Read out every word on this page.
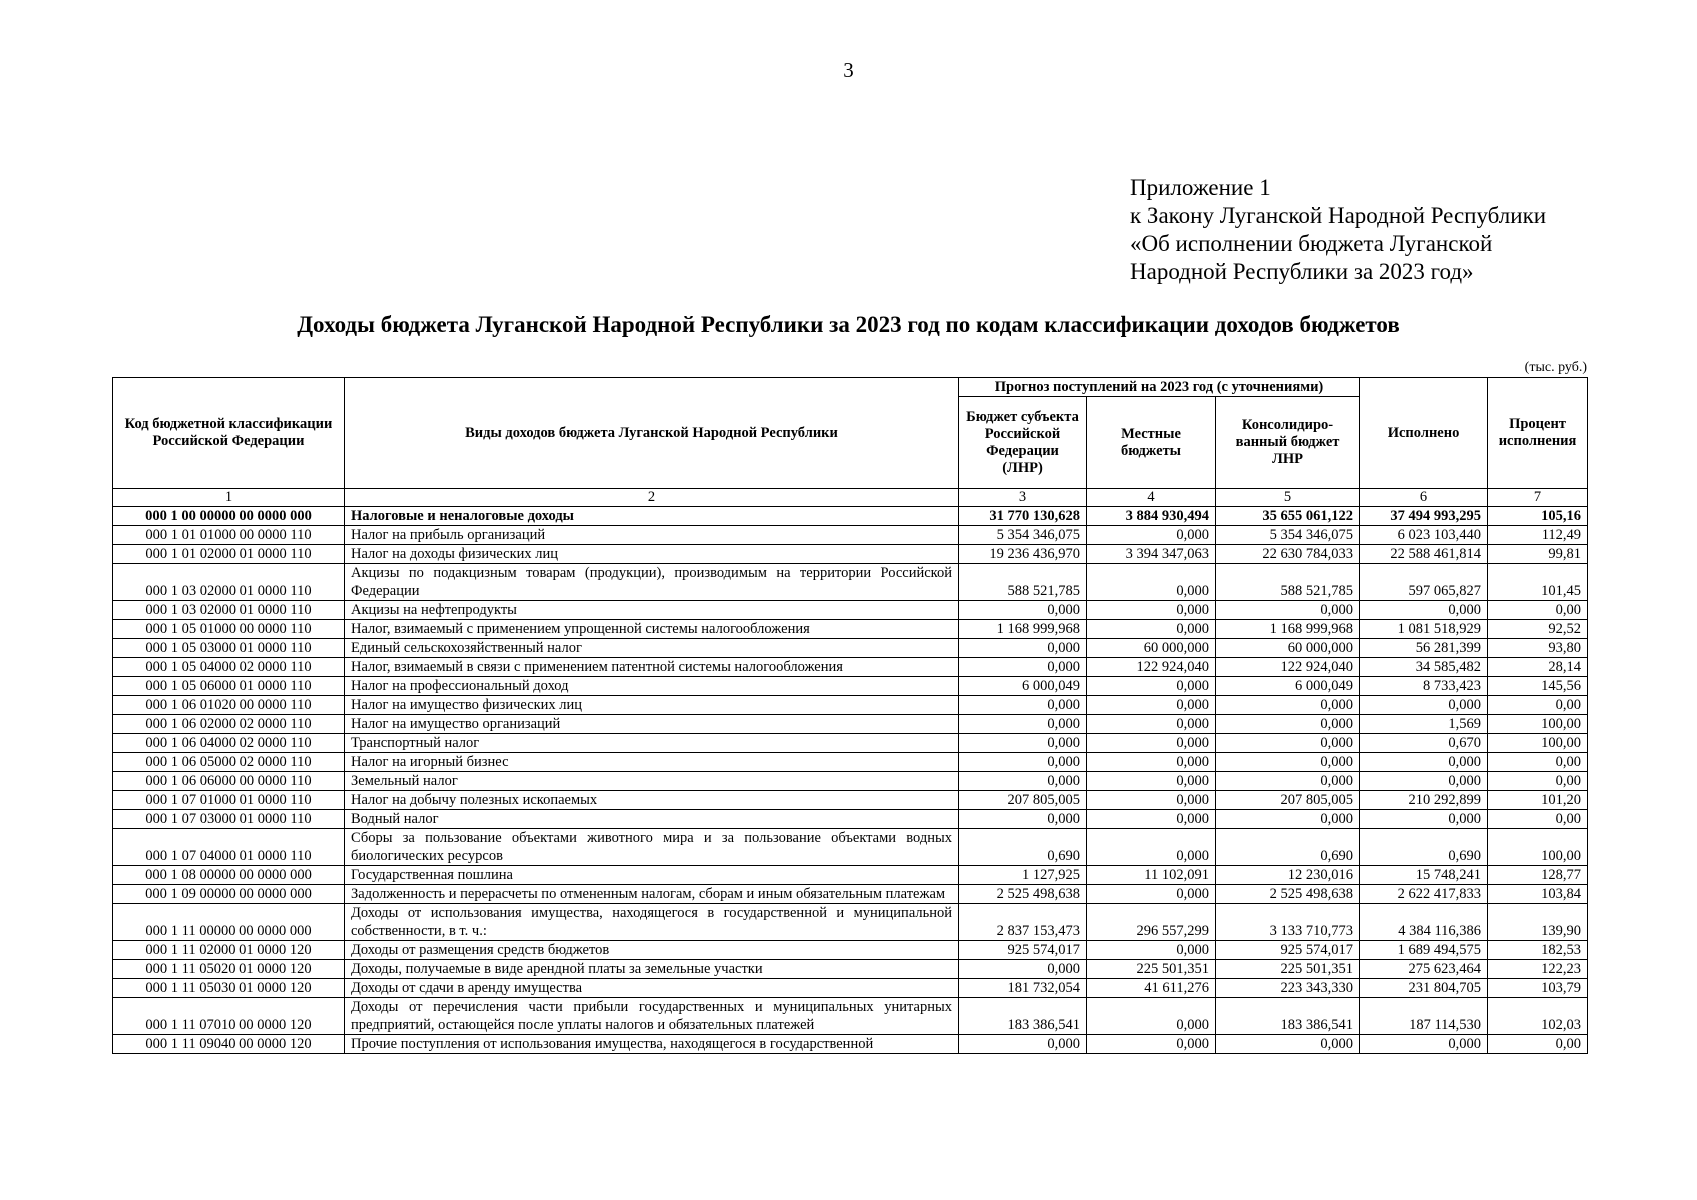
3
Приложение 1
к Закону Луганской Народной Республики
«Об исполнении бюджета Луганской
Народной Республики за 2023 год»
Доходы бюджета Луганской Народной Республики за 2023 год по кодам классификации доходов бюджетов
(тыс. руб.)
Код бюджетной классификации Российской Федерации	Виды доходов бюджета Луганской Народной Республики	Прогноз поступлений на 2023 год (с уточнениями)			Исполнено	Процент исполнения
		Бюджет субъекта Российской Федерации (ЛНР)	Местные бюджеты	Консолидиро-ванный бюджет ЛНР		
1	2	3	4	5	6	7
000 1 00 00000 00 0000 000	Налоговые и неналоговые доходы	31 770 130,628	3 884 930,494	35 655 061,122	37 494 993,295	105,16
000 1 01 01000 00 0000 110	Налог на прибыль организаций	5 354 346,075	0,000	5 354 346,075	6 023 103,440	112,49
000 1 01 02000 01 0000 110	Налог на доходы физических лиц	19 236 436,970	3 394 347,063	22 630 784,033	22 588 461,814	99,81
000 1 03 02000 01 0000 110	Акцизы по подакцизным товарам (продукции), производимым на территории Российской Федерации	588 521,785	0,000	588 521,785	597 065,827	101,45
000 1 03 02000 01 0000 110	Акцизы на нефтепродукты	0,000	0,000	0,000	0,000	0,00
000 1 05 01000 00 0000 110	Налог, взимаемый с применением упрощенной системы налогообложения	1 168 999,968	0,000	1 168 999,968	1 081 518,929	92,52
000 1 05 03000 01 0000 110	Единый сельскохозяйственный налог	0,000	60 000,000	60 000,000	56 281,399	93,80
000 1 05 04000 02 0000 110	Налог, взимаемый в связи с применением патентной системы налогообложения	0,000	122 924,040	122 924,040	34 585,482	28,14
000 1 05 06000 01 0000 110	Налог на профессиональный доход	6 000,049	0,000	6 000,049	8 733,423	145,56
000 1 06 01020 00 0000 110	Налог на имущество физических лиц	0,000	0,000	0,000	0,000	0,00
000 1 06 02000 02 0000 110	Налог на имущество организаций	0,000	0,000	0,000	1,569	100,00
000 1 06 04000 02 0000 110	Транспортный налог	0,000	0,000	0,000	0,670	100,00
000 1 06 05000 02 0000 110	Налог на игорный бизнес	0,000	0,000	0,000	0,000	0,00
000 1 06 06000 00 0000 110	Земельный налог	0,000	0,000	0,000	0,000	0,00
000 1 07 01000 01 0000 110	Налог на добычу полезных ископаемых	207 805,005	0,000	207 805,005	210 292,899	101,20
000 1 07 03000 01 0000 110	Водный налог	0,000	0,000	0,000	0,000	0,00
000 1 07 04000 01 0000 110	Сборы за пользование объектами животного мира и за пользование объектами водных биологических ресурсов	0,690	0,000	0,690	0,690	100,00
000 1 08 00000 00 0000 000	Государственная пошлина	1 127,925	11 102,091	12 230,016	15 748,241	128,77
000 1 09 00000 00 0000 000	Задолженность и перерасчеты по отмененным налогам, сборам и иным обязательным платежам	2 525 498,638	0,000	2 525 498,638	2 622 417,833	103,84
000 1 11 00000 00 0000 000	Доходы от использования имущества, находящегося в государственной и муниципальной собственности, в т. ч.:	2 837 153,473	296 557,299	3 133 710,773	4 384 116,386	139,90
000 1 11 02000 01 0000 120	Доходы от размещения средств бюджетов	925 574,017	0,000	925 574,017	1 689 494,575	182,53
000 1 11 05020 01 0000 120	Доходы, получаемые в виде арендной платы за земельные участки	0,000	225 501,351	225 501,351	275 623,464	122,23
000 1 11 05030 01 0000 120	Доходы от сдачи в аренду имущества	181 732,054	41 611,276	223 343,330	231 804,705	103,79
000 1 11 07010 00 0000 120	Доходы от перечисления части прибыли государственных и муниципальных унитарных предприятий, остающейся после уплаты налогов и обязательных платежей	183 386,541	0,000	183 386,541	187 114,530	102,03
000 1 11 09040 00 0000 120	Прочие поступления от использования имущества, находящегося в государственной	0,000	0,000	0,000	0,000	0,00
